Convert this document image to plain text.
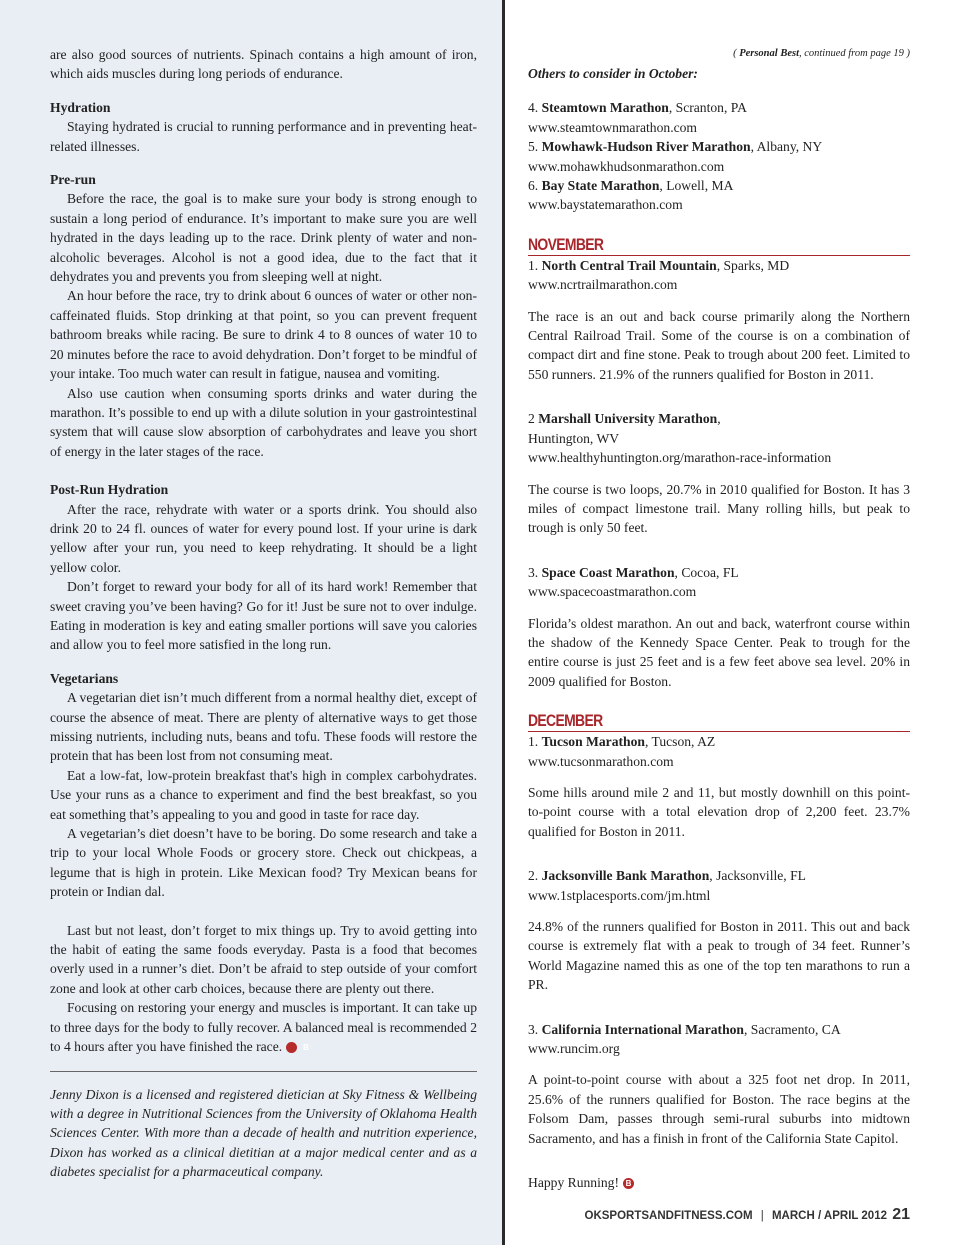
are also good sources of nutrients. Spinach contains a high amount of iron, which aids muscles during long periods of endurance.

Hydration

Staying hydrated is crucial to running performance and in preventing heat-related illnesses.

Pre-run

Before the race, the goal is to make sure your body is strong enough to sustain a long period of endurance. It’s important to make sure you are well hydrated in the days leading up to the race. Drink plenty of water and non-alcoholic beverages. Alcohol is not a good idea, due to the fact that it dehydrates you and prevents you from sleeping well at night.

An hour before the race, try to drink about 6 ounces of water or other non-caffeinated fluids. Stop drinking at that point, so you can prevent frequent bathroom breaks while racing. Be sure to drink 4 to 8 ounces of water 10 to 20 minutes before the race to avoid dehydration. Don’t forget to be mindful of your intake. Too much water can result in fatigue, nausea and vomiting.

Also use caution when consuming sports drinks and water during the marathon. It’s possible to end up with a dilute solution in your gastrointestinal system that will cause slow absorption of carbohydrates and leave you short of energy in the later stages of the race.

Post-Run Hydration

After the race, rehydrate with water or a sports drink. You should also drink 20 to 24 fl. ounces of water for every pound lost. If your urine is dark yellow after your run, you need to keep rehydrating. It should be a light yellow color.

Don’t forget to reward your body for all of its hard work! Remember that sweet craving you’ve been having? Go for it! Just be sure not to over indulge. Eating in moderation is key and eating smaller portions will save you calories and allow you to feel more satisfied in the long run.

Vegetarians

A vegetarian diet isn’t much different from a normal healthy diet, except of course the absence of meat. There are plenty of alternative ways to get those missing nutrients, including nuts, beans and tofu. These foods will restore the protein that has been lost from not consuming meat.

Eat a low-fat, low-protein breakfast that's high in complex carbohydrates. Use your runs as a chance to experiment and find the best breakfast, so you eat something that’s appealing to you and good in taste for race day.

A vegetarian’s diet doesn’t have to be boring. Do some research and take a trip to your local Whole Foods or grocery store. Check out chickpeas, a legume that is high in protein. Like Mexican food? Try Mexican beans for protein or Indian dal.

Last but not least, don’t forget to mix things up. Try to avoid getting into the habit of eating the same foods everyday. Pasta is a food that becomes overly used in a runner’s diet. Don’t be afraid to step outside of your comfort zone and look at other carb choices, because there are plenty out there.

Focusing on restoring your energy and muscles is important. It can take up to three days for the body to fully recover. A balanced meal is recommended 2 to 4 hours after you have finished the race.	B

Jenny Dixon is a licensed and registered dietician at Sky Fitness & Wellbeing with a degree in Nutritional Sciences from the University of Oklahoma Health Sciences Center. With more than a decade of health and nutrition experience, Dixon has worked as a clinical dietitian at a major medical center and as a diabetes specialist for a pharmaceutical company.

( Personal Best, continued from page 19 )

Others to consider in October:

4. Steamtown Marathon, Scranton, PA

www.steamtownmarathon.com

5. Mowhawk-Hudson River Marathon, Albany, NY

www.mohawkhudsonmarathon.com

6. Bay State Marathon, Lowell, MA

www.baystatemarathon.com

NOVEMBER

1. North Central Trail Mountain, Sparks, MD

www.ncrtrailmarathon.com

The race is an out and back course primarily along the Northern Central Railroad Trail. Some of the course is on a combination of compact dirt and fine stone. Peak to trough about 200 feet. Limited to 550 runners. 21.9% of the runners qualified for Boston in 2011.

2 Marshall University Marathon,

Huntington, WV

www.healthyhuntington.org/marathon-race-information

The course is two loops, 20.7% in 2010 qualified for Boston. It has 3 miles of compact limestone trail. Many rolling hills, but peak to trough is only 50 feet.

3. Space Coast Marathon, Cocoa, FL

www.spacecoastmarathon.com

Florida’s oldest marathon. An out and back, waterfront course within the shadow of the Kennedy Space Center. Peak to trough for the entire course is just 25 feet and is a few feet above sea level. 20% in 2009 qualified for Boston.

DECEMBER

1. Tucson Marathon, Tucson, AZ

www.tucsonmarathon.com

Some hills around mile 2 and 11, but mostly downhill on this point-to-point course with a total elevation drop of 2,200 feet. 23.7% qualified for Boston in 2011.

2. Jacksonville Bank Marathon, Jacksonville, FL

www.1stplacesports.com/jm.html

24.8% of the runners qualified for Boston in 2011. This out and back course is extremely flat with a peak to trough of 34 feet. Runner’s World Magazine named this as one of the top ten marathons to run a PR.

3. California International Marathon, Sacramento, CA

www.runcim.org

A point-to-point course with about a 325 foot net drop. In 2011, 25.6% of the runners qualified for Boston. The race begins at the Folsom Dam, passes through semi-rural suburbs into midtown Sacramento, and has a finish in front of the California State Capitol.

Happy Running! B

OKSPORTSANDFITNESS.COM | MARCH / APRIL 2012 21
